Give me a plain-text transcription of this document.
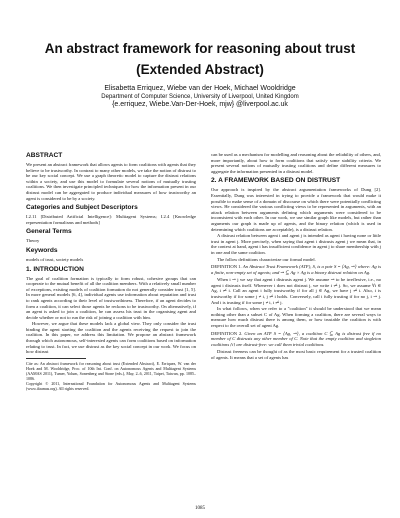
An abstract framework for reasoning about trust
(Extended Abstract)
Elisabetta Erriquez, Wiebe van der Hoek, Michael Wooldridge
Department of Computer Science, University of Liverpool, United Kingdom
{e.erriquez, Wiebe.Van-Der-Hoek, mjw} @liverpool.ac.uk
ABSTRACT
We present an abstract framework that allows agents to form coalitions with agents that they believe to be trustworthy. In contrast to many other models, we take the notion of distrust to be our key social concept. We use a graph theoretic model to capture the distrust relations within a society, and use this model to formulate several notions of mutually trusting coalitions. We then investigate principled techniques for how the information present in our distrust model can be aggregated to produce individual measures of how trustworthy an agent is considered to be by a society.
Categories and Subject Descriptors
I.2.11 [Distributed Artificial Intelligence]: Multiagent Systems; I.2.4 [Knowledge representation formalisms and methods]
General Terms
Theory
Keywords
models of trust, society models
1. INTRODUCTION
The goal of coalition formation is typically to form robust, cohesive groups that can cooperate to the mutual benefit of all the coalition members. With a relatively small number of exceptions, existing models of coalition formation do not generally consider trust [1, 5]. In more general models [6, 4], individual agents use information about reputation and trust to rank agents according to their level of trustworthiness. Therefore, if an agent decides to form a coalition, it can select those agents he reckons to be trustworthy. On alternatively, if an agent is asked to join a coalition, he can assess his trust in the organising agent and decide whether or not to run the risk of joining a coalition with him.
However, we argue that these models lack a global view. They only consider the trust binding the agent starting the coalition and the agents receiving the request to join the coalition. In this paper, we address this limitation. We propose an abstract framework through which autonomous, self-interested agents can form coalitions based on information relating to trust. In fact, we use distrust as the key social concept in our work. We focus on how distrust
Cite as: An abstract framework for reasoning about trust (Extended Abstract), E. Erriquez, W. van der Hoek and M. Wooldridge, Proc. of 10th Int. Conf. on Autonomous Agents and Multiagent Systems (AAMAS 2011), Tumer, Yolum, Sonenberg and Stone (eds.), May, 2–6, 2011, Taipei, Taiwan, pp. 1085–1086.
Copyright © 2011, International Foundation for Autonomous Agents and Multiagent Systems (www.ifaamas.org). All rights reserved.
can be used as a mechanism for modelling and reasoning about the reliability of others, and, more importantly, about how to form coalitions that satisfy some stability criteria. We present several notions of mutually trusting coalitions and define different measures to aggregate the information presented in a distrust model.
2. A FRAMEWORK BASED ON DISTRUST
Our approach is inspired by the abstract argumentation frameworks of Dung [2]. Essentially, Dung was interested in trying to provide a framework that would make it possible to make sense of a domain of discourse on which there were potentially conflicting views. He considered the various conflicting views to be represented in arguments, with an attack relation between arguments defining which arguments were considered to be inconsistent with each other. In our work, we use similar graph like models, but rather than arguments our graph is made up of agents, and the binary relation (which is used in determining which coalitions are acceptable), is a distrust relation.
A distrust relation between agent i and agent j is intended as agent i having none or little trust in agent j. More precisely, when saying that agent i distrusts agent j we mean that, in the context at hand, agent i has insufficient confidence in agent j to share membership with j in one and the same coalition.
The follow definitions characterize our formal model.
DEFINITION 1. An Abstract Trust Framework (ATF), S, is a pair S = ⟨Ag, ↝⟩ where: Ag is a finite, non-empty set of agents; and ↝ ⊆ Ag × Ag is a binary distrust relation on Ag.
When i ↝ j we say that agent i distrusts agent j. We assume ↝ to be irreflexive, i.e., no agent i distrusts itself. Whenever i does not distrust j, we write i ↝̸ j. So, we assume ∀i ∈ Ag, i ↝̸ i. Call an agent i fully trustworthy if for all j ∈ Ag, we have j ↝̸ i. Also, i is trustworthy if for some j ≠ i, j ↝̸ i holds. Conversely, call i fully trusting if for no j, i ↝ j. And i is trusting if for some j ≠ i, i ↝̸ j.
In what follows, when we refer to a "coalition" it should be understood that we mean nothing other than a subset C of Ag. When forming a coalition, there are several ways to measure how much distrust there is among them, or how trustable the coalition is with respect to the overall set of agent Ag.
DEFINITION 2. Given an ATF S = ⟨Ag, ↝⟩, a coalition C ⊆ Ag is distrust free if no member of C distrusts any other member of C. Note that the empty coalition and singleton coalitions {i} are distrust-free: we call them trivial coalitions.
Distrust freeness can be thought of as the most basic requirement for a trusted coalition of agents. It means that a set of agents has
1085
